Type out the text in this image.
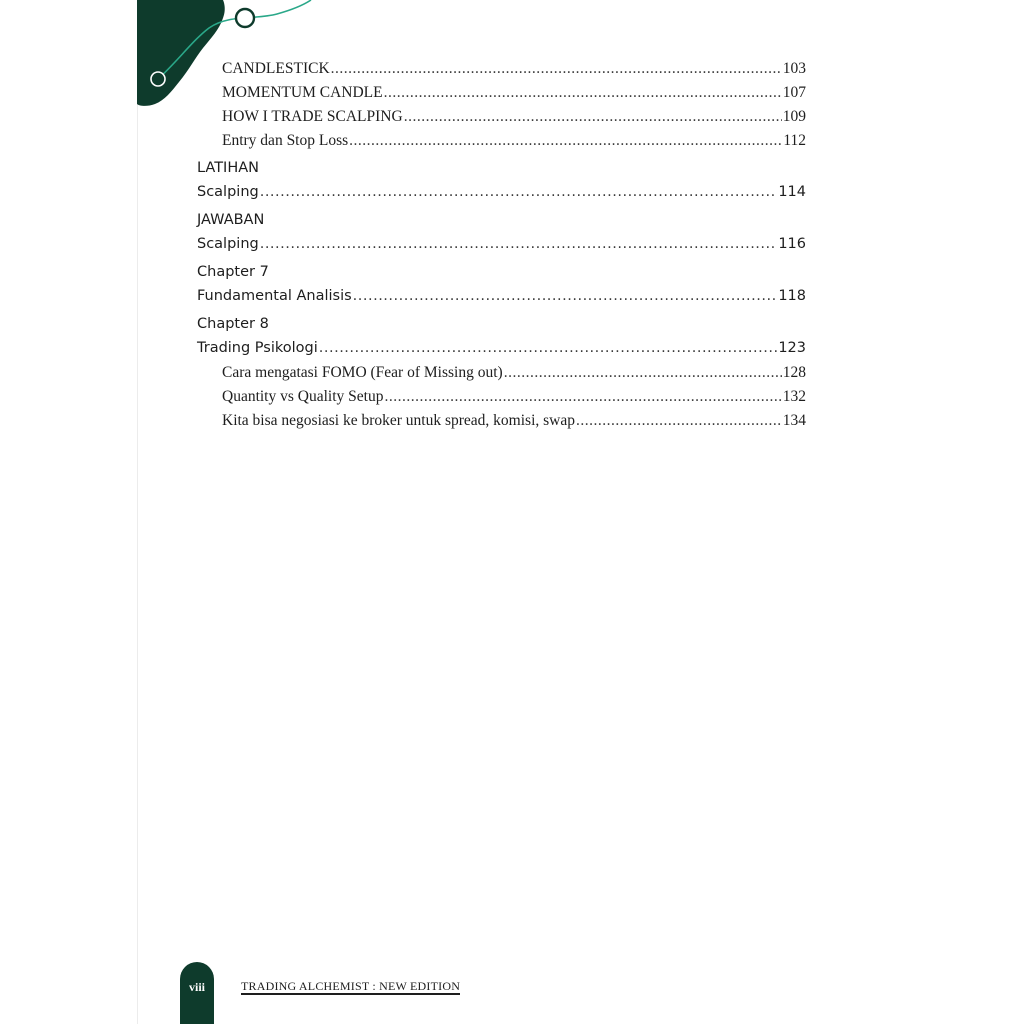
CANDLESTICK .....	103
MOMENTUM CANDLE .....	107
HOW I TRADE SCALPING .....	109
Entry dan Stop Loss .....	112
LATIHAN
Scalping .....	114
JAWABAN
Scalping .....	116
Chapter 7
Fundamental Analisis .....	118
Chapter 8
Trading Psikologi .....	123
Cara mengatasi FOMO (Fear of Missing out) .....	128
Quantity vs Quality Setup .....	132
Kita bisa negosiasi ke broker untuk spread, komisi, swap .....	134
viii	TRADING ALCHEMIST : NEW EDITION
